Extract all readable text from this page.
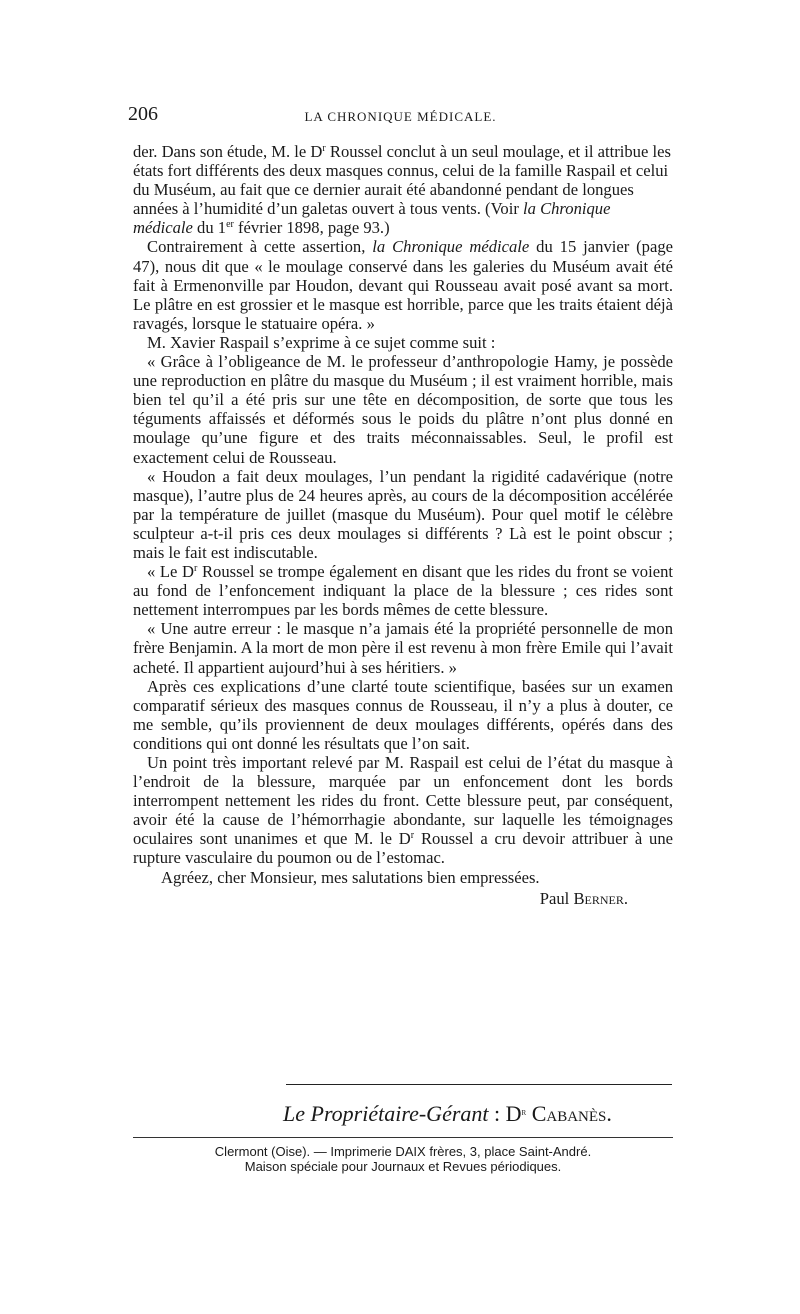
206	LA CHRONIQUE MÉDICALE.

der. Dans son étude, M. le $D^r$ Roussel conclut à un seul moulage, et il attribue les états fort différents des deux masques connus, celui de la famille Raspail et celui du Muséum, au fait que ce dernier aurait été abandonné pendant de longues années à l’humidité d’un galetas ouvert à tous vents. (Voir la Chronique médicale du 1er février 1898, page 93.)

Contrairement à cette assertion, la Chronique médicale du 15 janvier (page 47), nous dit que « le moulage conservé dans les galeries du Muséum avait été fait à Ermenonville par Houdon, devant qui Rousseau avait posé avant sa mort. Le plâtre en est grossier et le masque est horrible, parce que les traits étaient déjà ravagés, lorsque le statuaire opéra. »

M. Xavier Raspail s’exprime à ce sujet comme suit :

« Grâce à l’obligeance de M. le professeur d’anthropologie Hamy, je possède une reproduction en plâtre du masque du Muséum ; il est vraiment horrible, mais bien tel qu’il a été pris sur une tête en décomposition, de sorte que tous les téguments affaissés et déformés sous le poids du plâtre n’ont plus donné en moulage qu’une figure et des traits méconnaissables. Seul, le profil est exactement celui de Rousseau.

« Houdon a fait deux moulages, l’un pendant la rigidité cadavérique (notre masque), l’autre plus de 24 heures après, au cours de la décomposition accélérée par la température de juillet (masque du Muséum). Pour quel motif le célèbre sculpteur a-t-il pris ces deux moulages si différents ? Là est le point obscur ; mais le fait est indiscutable.

« Le $D^r$ Roussel se trompe également en disant que les rides du front se voient au fond de l’enfoncement indiquant la place de la blessure ; ces rides sont nettement interrompues par les bords mêmes de cette blessure.

« Une autre erreur : le masque n’a jamais été la propriété personnelle de mon frère Benjamin. A la mort de mon père il est revenu à mon frère Emile qui l’avait acheté. Il appartient aujourd’hui à ses héritiers. »

Après ces explications d’une clarté toute scientifique, basées sur un examen comparatif sérieux des masques connus de Rousseau, il n’y a plus à douter, ce me semble, qu’ils proviennent de deux moulages différents, opérés dans des conditions qui ont donné les résultats que l’on sait.

Un point très important relevé par M. Raspail est celui de l’état du masque à l’endroit de la blessure, marquée par un enfoncement dont les bords interrompent nettement les rides du front. Cette blessure peut, par conséquent, avoir été la cause de l’hémorrhagie abondante, sur laquelle les témoignages oculaires sont unanimes et que M. le $D^r$ Roussel a cru devoir attribuer à une rupture vasculaire du poumon ou de l’estomac.

Agréez, cher Monsieur, mes salutations bien empressées.

Paul Berner.
Le Propriétaire-Gérant : $D^r$ Cabanès.
Clermont (Oise). — Imprimerie DAIX frères, 3, place Saint-André.
Maison spéciale pour Journaux et Revues périodiques.
